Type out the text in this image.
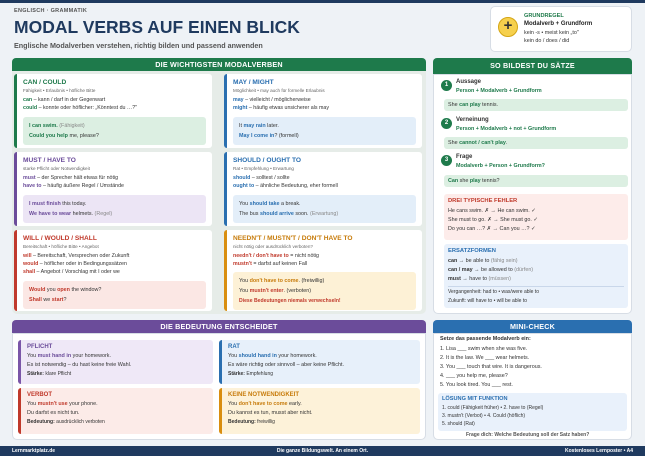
ENGLISCH · GRAMMATIK
MODAL VERBS AUF EINEN BLICK
Englische Modalverben verstehen, richtig bilden und passend anwenden
+
GRUNDREGEL
Modalverb + Grundform
kein -s • meist kein „to"
kein do / does / did
DIE WICHTIGSTEN MODALVERBEN
CAN / COULD
Fähigkeit • Erlaubnis • höfliche Bitte
can – kann / darf in der Gegenwart
could – konnte oder höflicher: „Könntest du …?"
I can swim. (Fähigkeit)
Could you help me, please?
MAY / MIGHT
Möglichkeit • may auch für formelle Erlaubnis
may – vielleicht / möglicherweise
might – häufig etwas unsicherer als may
It may rain later.
May I come in? (formell)
MUST / HAVE TO
starke Pflicht oder Notwendigkeit
must – der Sprecher hält etwas für nötig
have to – häufig äußere Regel / Umstände
I must finish this today.
We have to wear helmets. (Regel)
SHOULD / OUGHT TO
Rat • Empfehlung • Erwartung
should – solltest / sollte
ought to – ähnliche Bedeutung, eher formell
You should take a break.
The bus should arrive soon. (Erwartung)
WILL / WOULD / SHALL
Bereitschaft • höfliche Bitte • Angebot
will – Bereitschaft, Versprechen oder Zukunft
would – höflicher oder in Bedingungssätzen
shall – Angebot / Vorschlag mit I oder we
Would you open the window?
Shall we start?
NEEDN'T / MUSTN'T / DON'T HAVE TO
nicht nötig oder ausdrücklich verboten?
needn't / don't have to = nicht nötig
mustn't = darfst auf keinen Fall
You don't have to come. (freiwillig)
You mustn't enter. (verboten)
Diese Bedeutungen niemals verwechseln!
SO BILDEST DU SÄTZE
1	Aussage
Person + Modalverb + Grundform
She can play tennis.
2	Verneinung
Person + Modalverb + not + Grundform
She cannot / can't play.
3	Frage
Modalverb + Person + Grundform?
Can she play tennis?
DREI TYPISCHE FEHLER
He cans swim. ✗ → He can swim. ✓
She must to go. ✗ → She must go. ✓
Do you can …? ✗ → Can you …? ✓
ERSATZFORMEN
can → be able to (fähig sein)
can / may → be allowed to (dürfen)
must → have to (müssen)
Vergangenheit: had to • was/were able to
Zukunft: will have to • will be able to
DIE BEDEUTUNG ENTSCHEIDET
PFLICHT
You must hand in your homework.
Es ist notwendig – du hast keine freie Wahl.
Stärke: klare Pflicht
RAT
You should hand in your homework.
Es wäre richtig oder sinnvoll – aber keine Pflicht.
Stärke: Empfehlung
VERBOT
You mustn't use your phone.
Du darfst es nicht tun.
Bedeutung: ausdrücklich verboten
KEINE NOTWENDIGKEIT
You don't have to come early.
Du kannst es tun, musst aber nicht.
Bedeutung: freiwillig
MINI-CHECK
Setze das passende Modalverb ein:
1. Lisa ___ swim when she was five.
2. It is the law. We ___ wear helmets.
3. You ___ touch that wire. It is dangerous.
4. ___ you help me, please?
5. You look tired. You ___ rest.
LÖSUNG MIT FUNKTION
1. could (Fähigkeit früher) • 2. have to (Regel)
3. mustn't (Verbot) • 4. Could (höflich)
5. should (Rat)
Frage dich: Welche Bedeutung soll der Satz haben?
Lernmarktplatz.de	Die ganze Bildungswelt. An einem Ort.	Kostenloses Lernposter • A4
